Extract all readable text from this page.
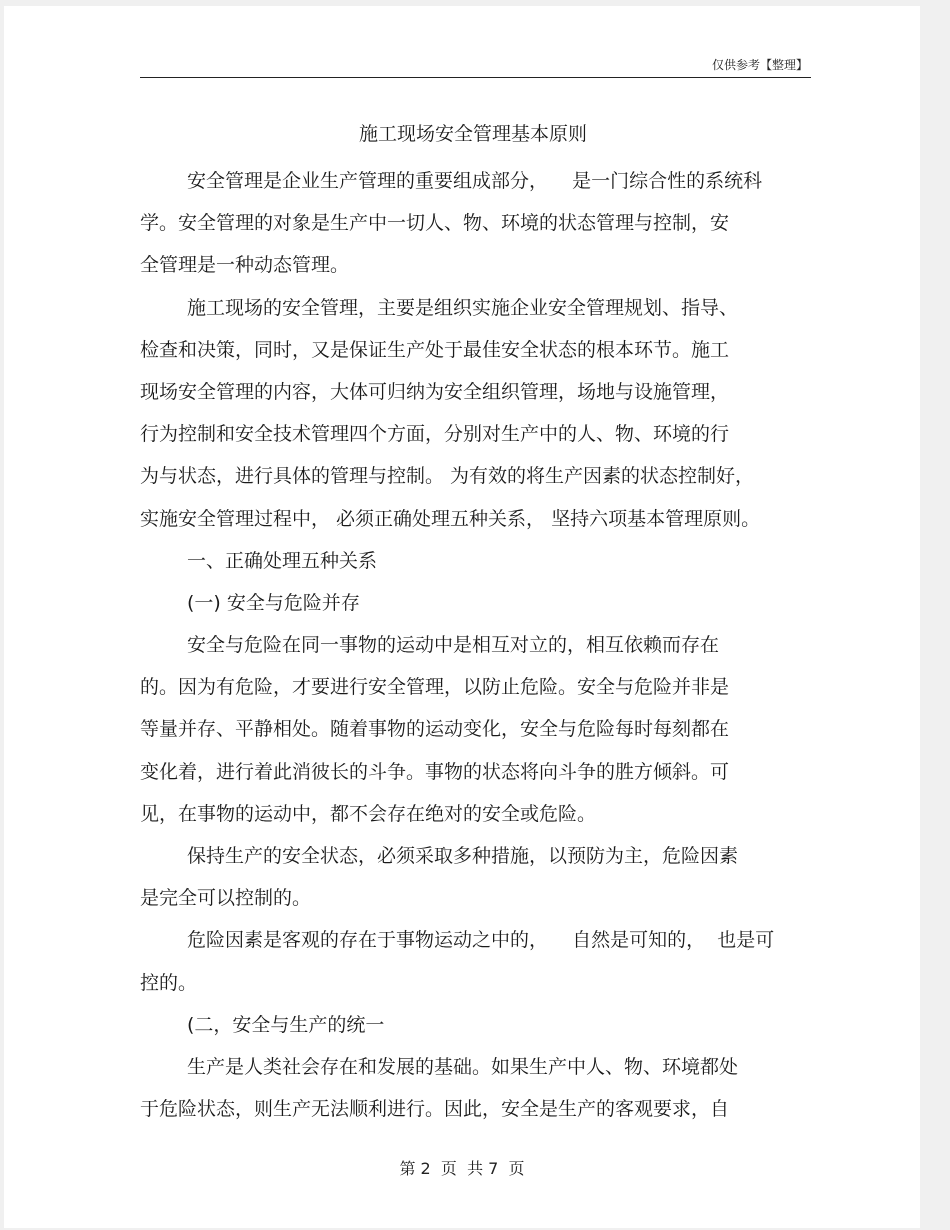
仅供参考【整理】
施工现场安全管理基本原则
安全管理是企业生产管理的重要组成部分，    是一门综合性的系统科
学。安全管理的对象是生产中一切人、物、环境的状态管理与控制，安
全管理是一种动态管理。
施工现场的安全管理，主要是组织实施企业安全管理规划、指导、
检查和决策，同时，又是保证生产处于最佳安全状态的根本环节。施工
现场安全管理的内容，大体可归纳为安全组织管理，场地与设施管理，
行为控制和安全技术管理四个方面，分别对生产中的人、物、环境的行
为与状态，进行具体的管理与控制。 为有效的将生产因素的状态控制好，
实施安全管理过程中， 必须正确处理五种关系， 坚持六项基本管理原则。
一、正确处理五种关系
(一) 安全与危险并存
安全与危险在同一事物的运动中是相互对立的，相互依赖而存在
的。因为有危险，才要进行安全管理，以防止危险。安全与危险并非是
等量并存、平静相处。随着事物的运动变化，安全与危险每时每刻都在
变化着，进行着此消彼长的斗争。事物的状态将向斗争的胜方倾斜。可
见，在事物的运动中，都不会存在绝对的安全或危险。
保持生产的安全状态，必须采取多种措施，以预防为主，危险因素
是完全可以控制的。
危险因素是客观的存在于事物运动之中的，    自然是可知的，  也是可
控的。
(二，安全与生产的统一
生产是人类社会存在和发展的基础。如果生产中人、物、环境都处
于危险状态，则生产无法顺利进行。因此，安全是生产的客观要求，自
第 2  页  共 7  页
